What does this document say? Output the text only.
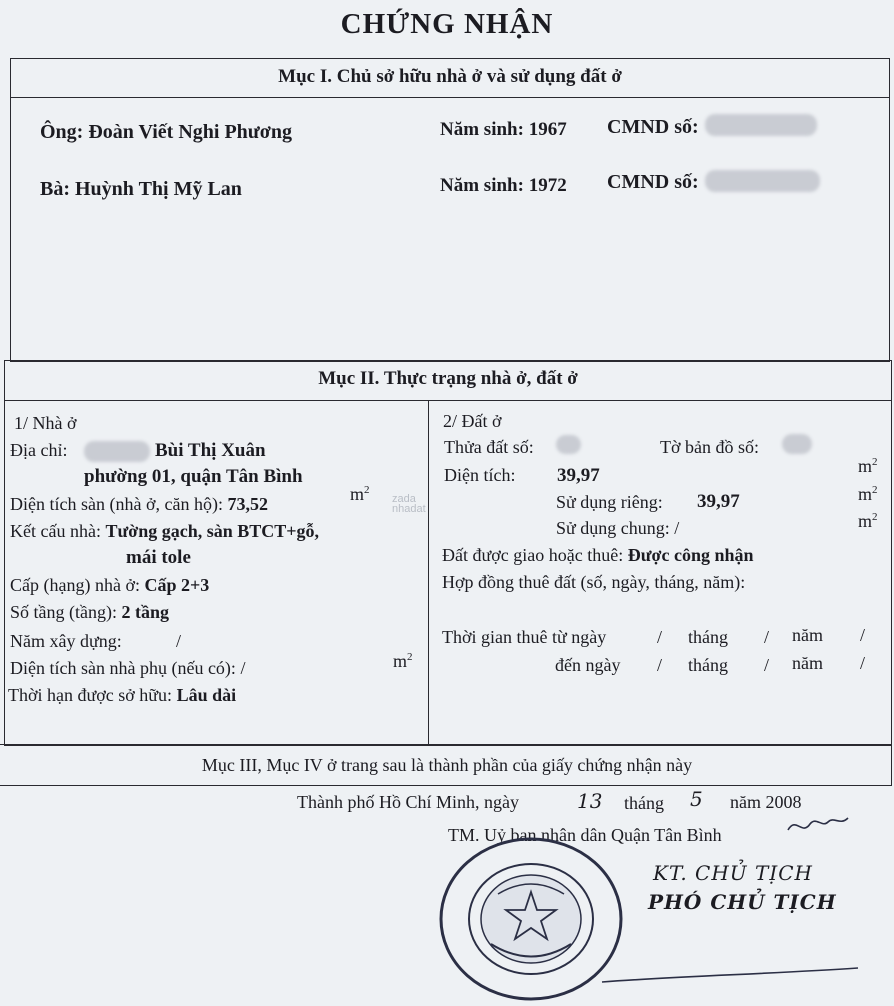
CHỨNG NHẬN
Mục I. Chủ sở hữu nhà ở và sử dụng đất ở
Ông: Đoàn Viết Nghi Phương	Năm sinh: 1967 CMND số:
Bà: Huỳnh Thị Mỹ Lan	Năm sinh: 1972 CMND số:
Mục II. Thực trạng nhà ở, đất ở
1/ Nhà ở
Địa chỉ:	Bùi Thị Xuân
phường 01, quận Tân Bình
Diện tích sàn (nhà ở, căn hộ): 73,52	$m^2$
Kết cấu nhà: Tường gạch, sàn BTCT+gỗ,
mái tole
Cấp (hạng) nhà ở: Cấp 2+3
Số tầng (tầng): 2 tầng
Năm xây dựng:	/
Diện tích sàn nhà phụ (nếu có): /	$m^2$
Thời hạn được sở hữu: Lâu dài
2/ Đất ở
Thửa đất số:	Tờ bản đồ số:
Diện tích: 39,97	$m^2$
Sử dụng riêng: 39,97	$m^2$
Sử dụng chung: /	$m^2$
Đất được giao hoặc thuê: Được công nhận
Hợp đồng thuê đất (số, ngày, tháng, năm):
Thời gian thuê từ ngày	/ tháng / năm /
đến ngày / tháng / năm /
zada
nhadat
Mục III, Mục IV ở trang sau là thành phần của giấy chứng nhận này
Thành phố Hồ Chí Minh, ngày	13 tháng 5 năm 2008
TM. Uỷ ban nhân dân Quận Tân Bình
KT. CHỦ TỊCH
PHÓ CHỦ TỊCH
